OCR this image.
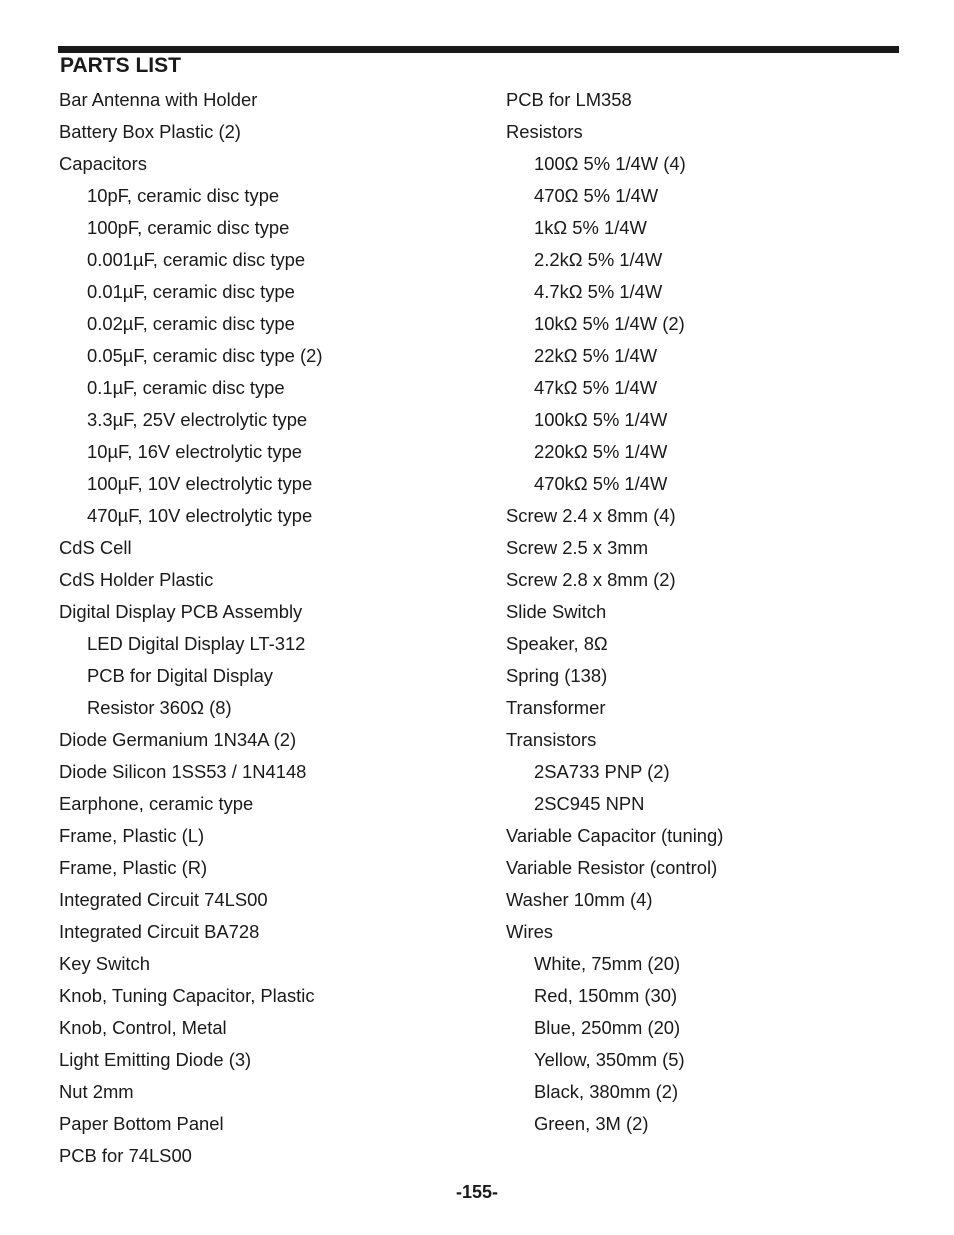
PARTS LIST
Bar Antenna with Holder
Battery Box Plastic (2)
Capacitors
10pF, ceramic disc type
100pF, ceramic disc type
0.001µF, ceramic disc type
0.01µF, ceramic disc type
0.02µF, ceramic disc type
0.05µF, ceramic disc type (2)
0.1µF, ceramic disc type
3.3µF, 25V electrolytic type
10µF, 16V electrolytic type
100µF, 10V electrolytic type
470µF, 10V electrolytic type
CdS Cell
CdS Holder Plastic
Digital Display PCB Assembly
LED Digital Display LT-312
PCB for Digital Display
Resistor 360Ω (8)
Diode Germanium 1N34A (2)
Diode Silicon 1SS53 / 1N4148
Earphone, ceramic type
Frame, Plastic (L)
Frame, Plastic (R)
Integrated Circuit 74LS00
Integrated Circuit BA728
Key Switch
Knob, Tuning Capacitor, Plastic
Knob, Control, Metal
Light Emitting Diode (3)
Nut 2mm
Paper Bottom Panel
PCB for 74LS00
PCB for LM358
Resistors
100Ω 5% 1/4W (4)
470Ω 5% 1/4W
1kΩ 5% 1/4W
2.2kΩ 5% 1/4W
4.7kΩ 5% 1/4W
10kΩ 5% 1/4W (2)
22kΩ 5% 1/4W
47kΩ 5% 1/4W
100kΩ 5% 1/4W
220kΩ 5% 1/4W
470kΩ 5% 1/4W
Screw 2.4 x 8mm (4)
Screw 2.5 x 3mm
Screw 2.8 x 8mm (2)
Slide Switch
Speaker, 8Ω
Spring (138)
Transformer
Transistors
2SA733 PNP (2)
2SC945 NPN
Variable Capacitor (tuning)
Variable Resistor (control)
Washer 10mm (4)
Wires
White, 75mm (20)
Red, 150mm (30)
Blue, 250mm (20)
Yellow, 350mm (5)
Black, 380mm (2)
Green, 3M (2)
-155-
